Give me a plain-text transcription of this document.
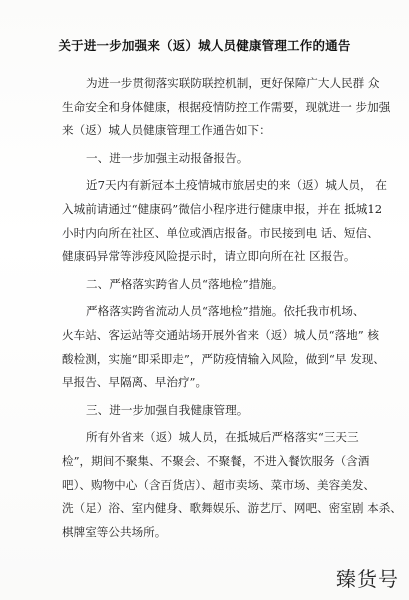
关于进一步加强来（返）城人员健康管理工作的通告
为进一步贯彻落实联防联控机制，更好保障广大人民群 众
生命安全和身体健康，根据疫情防控工作需要，现就进一 步加强
来（返）城人员健康管理工作通告如下：
一、进一步加强主动报备报告。
近7天内有新冠本土疫情城市旅居史的来（返）城人员， 在
入城前请通过“健康码”微信小程序进行健康申报，并在 抵城12
小时内向所在社区、单位或酒店报备。市民接到电 话、短信、
健康码异常等涉疫风险提示时，请立即向所在社 区报告。
二、严格落实跨省人员“落地检”措施。
严格落实跨省流动人员“落地检”措施。依托我市机场、
火车站、客运站等交通站场开展外省来（返）城人员“落地” 核
酸检测，实施“即采即走”，严防疫情输入风险，做到“早 发现、
早报告、早隔离、早治疗”。
三、进一步加强自我健康管理。
所有外省来（返）城人员，在抵城后严格落实“三天三
检”，期间不聚集、不聚会、不聚餐，不进入餐饮服务（含酒
吧）、购物中心（含百货店）、超市卖场、菜市场、美容美发、
洗（足）浴、室内健身、歌舞娱乐、游艺厅、网吧、密室剧 本杀、
棋牌室等公共场所。
臻货号
